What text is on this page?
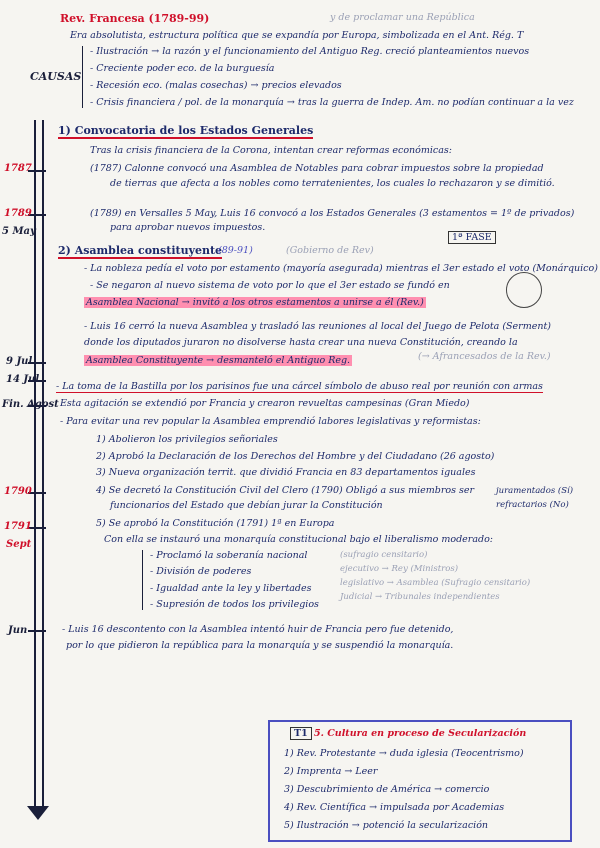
Rev. Francesa (1789-99)	y de proclamar una República
Era absolutista, estructura política que se expandía por Europa, simbolizada en el Ant. Rég. T
CAUSAS
- Ilustración → la razón y el funcionamiento del Antiguo Reg. creció planteamientos nuevos
- Creciente poder eco. de la burguesía
- Recesión eco. (malas cosechas) → precios elevados
- Crisis financiera / pol. de la monarquía → tras la guerra de Indep. Am. no podían continuar a la vez
1787
1789
5 May
9 Jul
14 Jul
Fin. Agost
1790
1791
Sept
Jun
1) Convocatoria de los Estados Generales
Tras la crisis financiera de la Corona, intentan crear reformas económicas:
(1787) Calonne convocó una Asamblea de Notables para cobrar impuestos sobre la propiedad
de tierras que afecta a los nobles como terratenientes, los cuales lo rechazaron y se dimitió.
(1789) en Versalles 5 May, Luis 16 convocó a los Estados Generales (3 estamentos = 1º de privados)
para aprobar nuevos impuestos.
1ª FASE
2) Asamblea constituyente
(89-91)	(Gobierno de Rev)
- La nobleza pedía el voto por estamento (mayoría asegurada) mientras el 3er estado el voto (Monárquico)
- Se negaron al nuevo sistema de voto por lo que el 3er estado se fundó en
Asamblea Nacional → invitó a los otros estamentos a unirse a él (Rev.)
- Luis 16 cerró la nueva Asamblea y trasladó las reuniones al local del Juego de Pelota (Serment)
donde los diputados juraron no disolverse hasta crear una nueva Constitución, creando la
Asamblea Constituyente → desmanteló el Antiguo Reg.	(→ Afrancesados de la Rev.)
- La toma de la Bastilla por los parisinos fue una cárcel símbolo de abuso real por reunión con armas
Esta agitación se extendió por Francia y crearon revueltas campesinas (Gran Miedo)
- Para evitar una rev popular la Asamblea emprendió labores legislativas y reformistas:
1) Abolieron los privilegios señoriales
2) Aprobó la Declaración de los Derechos del Hombre y del Ciudadano (26 agosto)
3) Nueva organización territ. que dividió Francia en 83 departamentos iguales
4) Se decretó la Constitución Civil del Clero (1790) Obligó a sus miembros ser
funcionarios del Estado que debían jurar la Constitución
juramentados (Sí)
refractarios (No)
5) Se aprobó la Constitución (1791) 1ª en Europa
Con ella se instauró una monarquía constitucional bajo el liberalismo moderado:
- Proclamó la soberanía nacional
- División de poderes
- Igualdad ante la ley y libertades
- Supresión de todos los privilegios
(sufragio censitario)
ejecutivo → Rey (Ministros)
legislativo → Asamblea (Sufragio censitario)
Judicial → Tribunales independientes
- Luis 16 descontento con la Asamblea intentó huir de Francia pero fue detenido,
por lo que pidieron la república para la monarquía y se suspendió la monarquía.
T1 5. Cultura en proceso de Secularización
1) Rev. Protestante → duda iglesia (Teocentrismo)
2) Imprenta → Leer
3) Descubrimiento de América → comercio
4) Rev. Científica → impulsada por Academias
5) Ilustración → potenció la secularización
